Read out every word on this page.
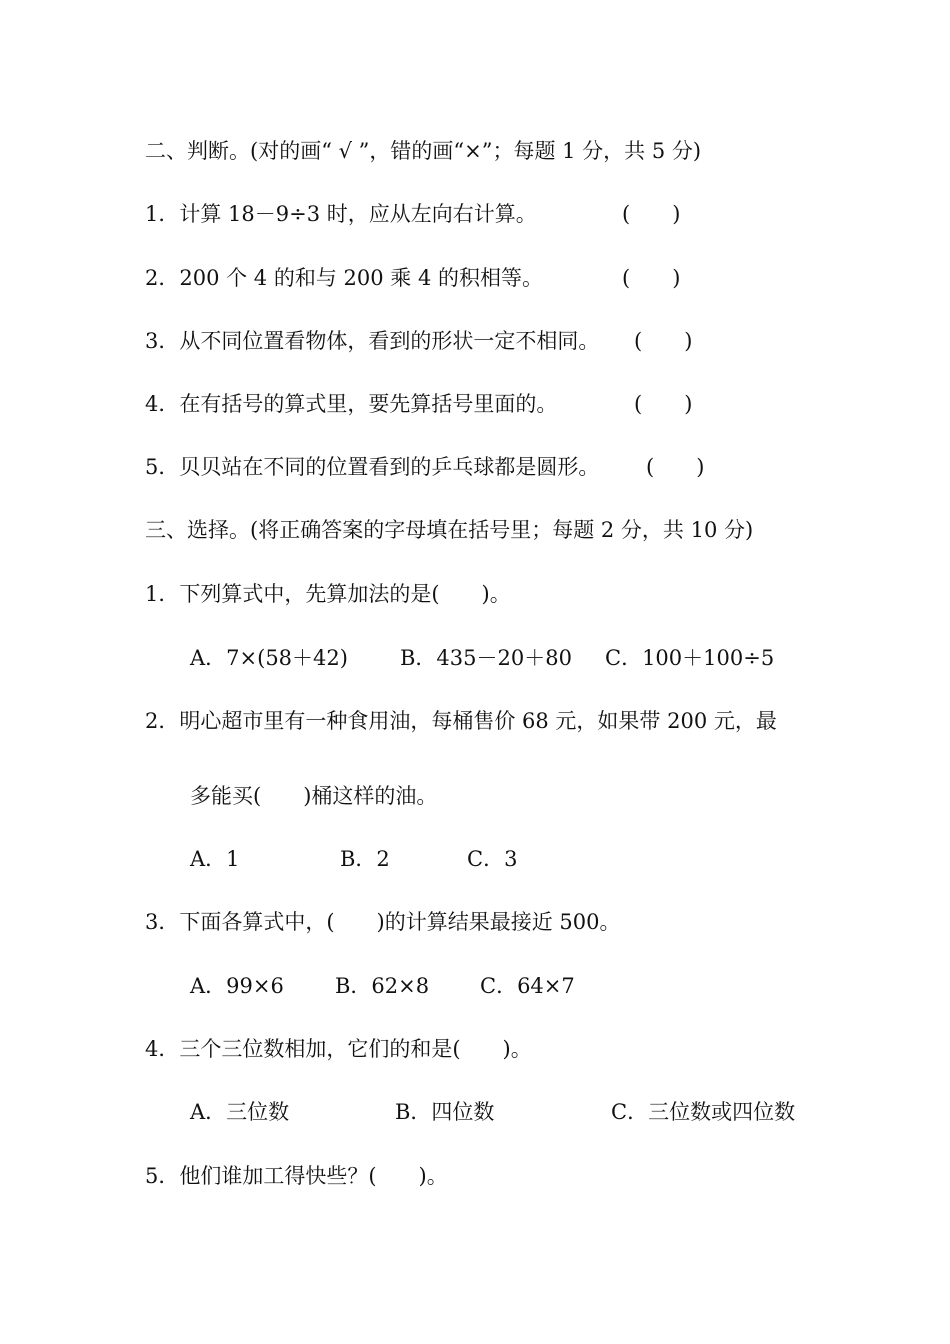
二、判断。(对的画“ √ ”，错的画“×”；每题 1 分，共 5 分)
1．计算 18－9÷3 时，应从左向右计算。	(　　)
2．200 个 4 的和与 200 乘 4 的积相等。	(　　)
3．从不同位置看物体，看到的形状一定不相同。 (　　)
4．在有括号的算式里，要先算括号里面的。	(　　)
5．贝贝站在不同的位置看到的乒乓球都是圆形。 (　　)
三、选择。(将正确答案的字母填在括号里；每题 2 分，共 10 分)
1．下列算式中，先算加法的是(　　)。
A．7×(58＋42) B．435－20＋80 C．100＋100÷5
2．明心超市里有一种食用油，每桶售价 68 元，如果带 200 元，最
多能买(　　)桶这样的油。
A．1	B．2	C．3
3．下面各算式中，(　　)的计算结果最接近 500。
A．99×6 B．62×8 C．64×7
4．三个三位数相加，它们的和是(　　)。
A．三位数	B．四位数	C．三位数或四位数
5．他们谁加工得快些？(　　)。
